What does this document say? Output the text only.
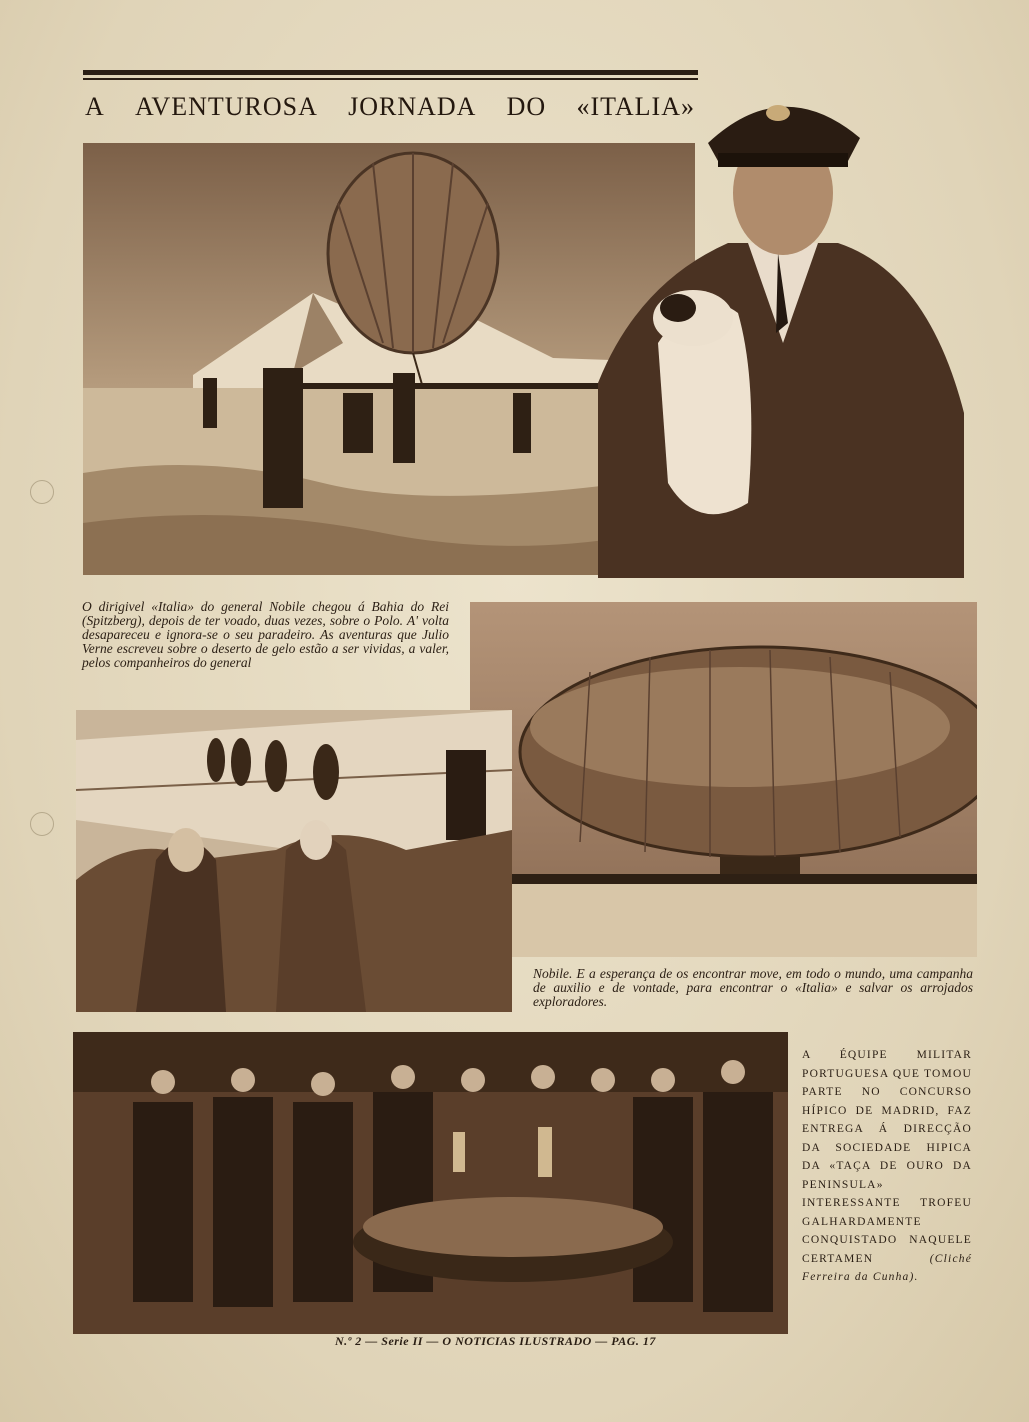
A AVENTUROSA JORNADA DO «ITALIA»
O dirigivel «Italia» do general Nobile chegou á Bahia do Rei (Spitzberg), depois de ter voado, duas vezes, sobre o Polo. A' volta desapareceu e ignora-se o seu paradeiro. As aventuras que Julio Verne escreveu sobre o deserto de gelo estão a ser vividas, a valer, pelos companheiros do general
Nobile. E a esperança de os encontrar move, em todo o mundo, uma campanha de auxilio e de vontade, para encontrar o «Italia» e salvar os arrojados exploradores.
A ÉQUIPE MILITAR PORTUGUESA QUE TOMOU PARTE NO CONCURSO HÍPICO DE MADRID, FAZ ENTREGA Á DIRECÇÃO DA SOCIEDADE HIPICA DA «TAÇA DE OURO DA PENINSULA» INTERESSANTE TROFEU GALHARDAMENTE CONQUISTADO NAQUELE CERTAMEN	(Cliché Ferreira da Cunha).
N.º 2 — Serie II — O NOTICIAS ILUSTRADO — PAG. 17
